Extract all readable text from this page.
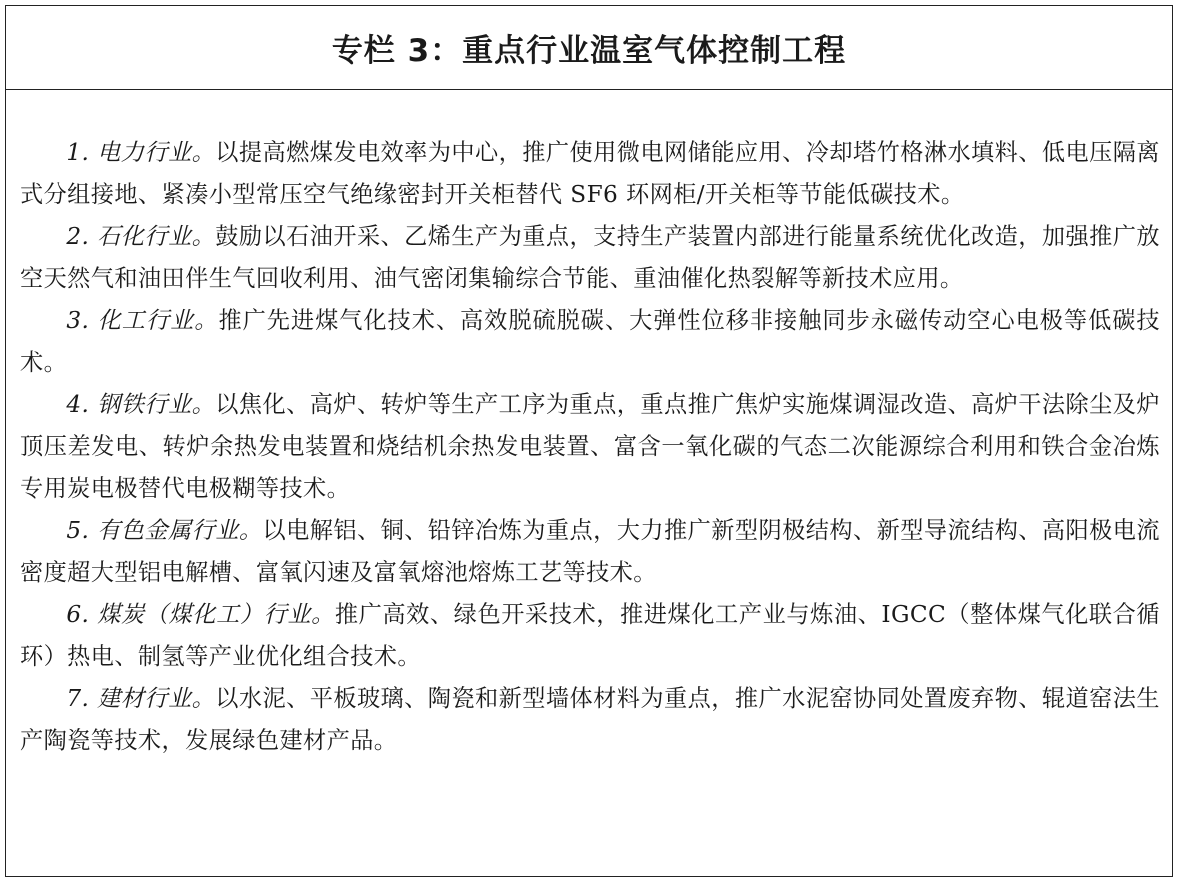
专栏 3：重点行业温室气体控制工程

1. 电力行业。以提高燃煤发电效率为中心，推广使用微电网储能应用、冷却塔竹格淋水填料、低电压隔离式分组接地、紧凑小型常压空气绝缘密封开关柜替代 SF6 环网柜/开关柜等节能低碳技术。

2. 石化行业。鼓励以石油开采、乙烯生产为重点，支持生产装置内部进行能量系统优化改造，加强推广放空天然气和油田伴生气回收利用、油气密闭集输综合节能、重油催化热裂解等新技术应用。

3. 化工行业。推广先进煤气化技术、高效脱硫脱碳、大弹性位移非接触同步永磁传动空心电极等低碳技术。

4. 钢铁行业。以焦化、高炉、转炉等生产工序为重点，重点推广焦炉实施煤调湿改造、高炉干法除尘及炉顶压差发电、转炉余热发电装置和烧结机余热发电装置、富含一氧化碳的气态二次能源综合利用和铁合金冶炼专用炭电极替代电极糊等技术。

5. 有色金属行业。以电解铝、铜、铅锌冶炼为重点，大力推广新型阴极结构、新型导流结构、高阳极电流密度超大型铝电解槽、富氧闪速及富氧熔池熔炼工艺等技术。

6. 煤炭（煤化工）行业。推广高效、绿色开采技术，推进煤化工产业与炼油、IGCC（整体煤气化联合循环）热电、制氢等产业优化组合技术。

7. 建材行业。以水泥、平板玻璃、陶瓷和新型墙体材料为重点，推广水泥窑协同处置废弃物、辊道窑法生产陶瓷等技术，发展绿色建材产品。
